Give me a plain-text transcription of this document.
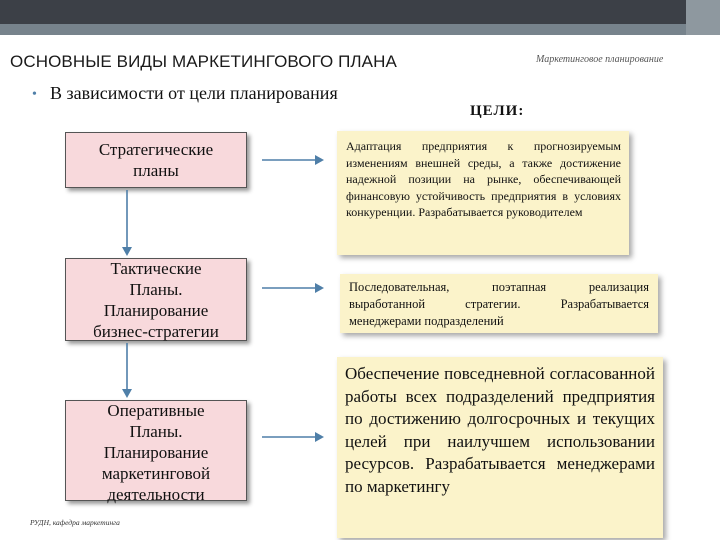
ОСНОВНЫЕ ВИДЫ МАРКЕТИНГОВОГО ПЛАНА	Маркетинговое планирование
• В зависимости от цели планирования
ЦЕЛИ:
Стратегические
планы
Тактические
Планы.
Планирование
бизнес-стратегии
Оперативные
Планы.
Планирование
маркетинговой
деятельности

Адаптация предприятия к прогнозируемым изменениям внешней среды, а также достижение надежной позиции на рынке, обеспечивающей финансовую устойчивость предприятия в условиях конкуренции. Разрабатывается руководителем

Последовательная, поэтапная реализация выработанной стратегии. Разрабатывается менеджерами подразделений

Обеспечение повседневной согласованной работы всех подразделений предприятия по достижению долгосрочных и текущих целей при наилучшем использовании ресурсов. Разрабатывается менеджерами по маркетингу

РУДН, кафедра маркетинга
